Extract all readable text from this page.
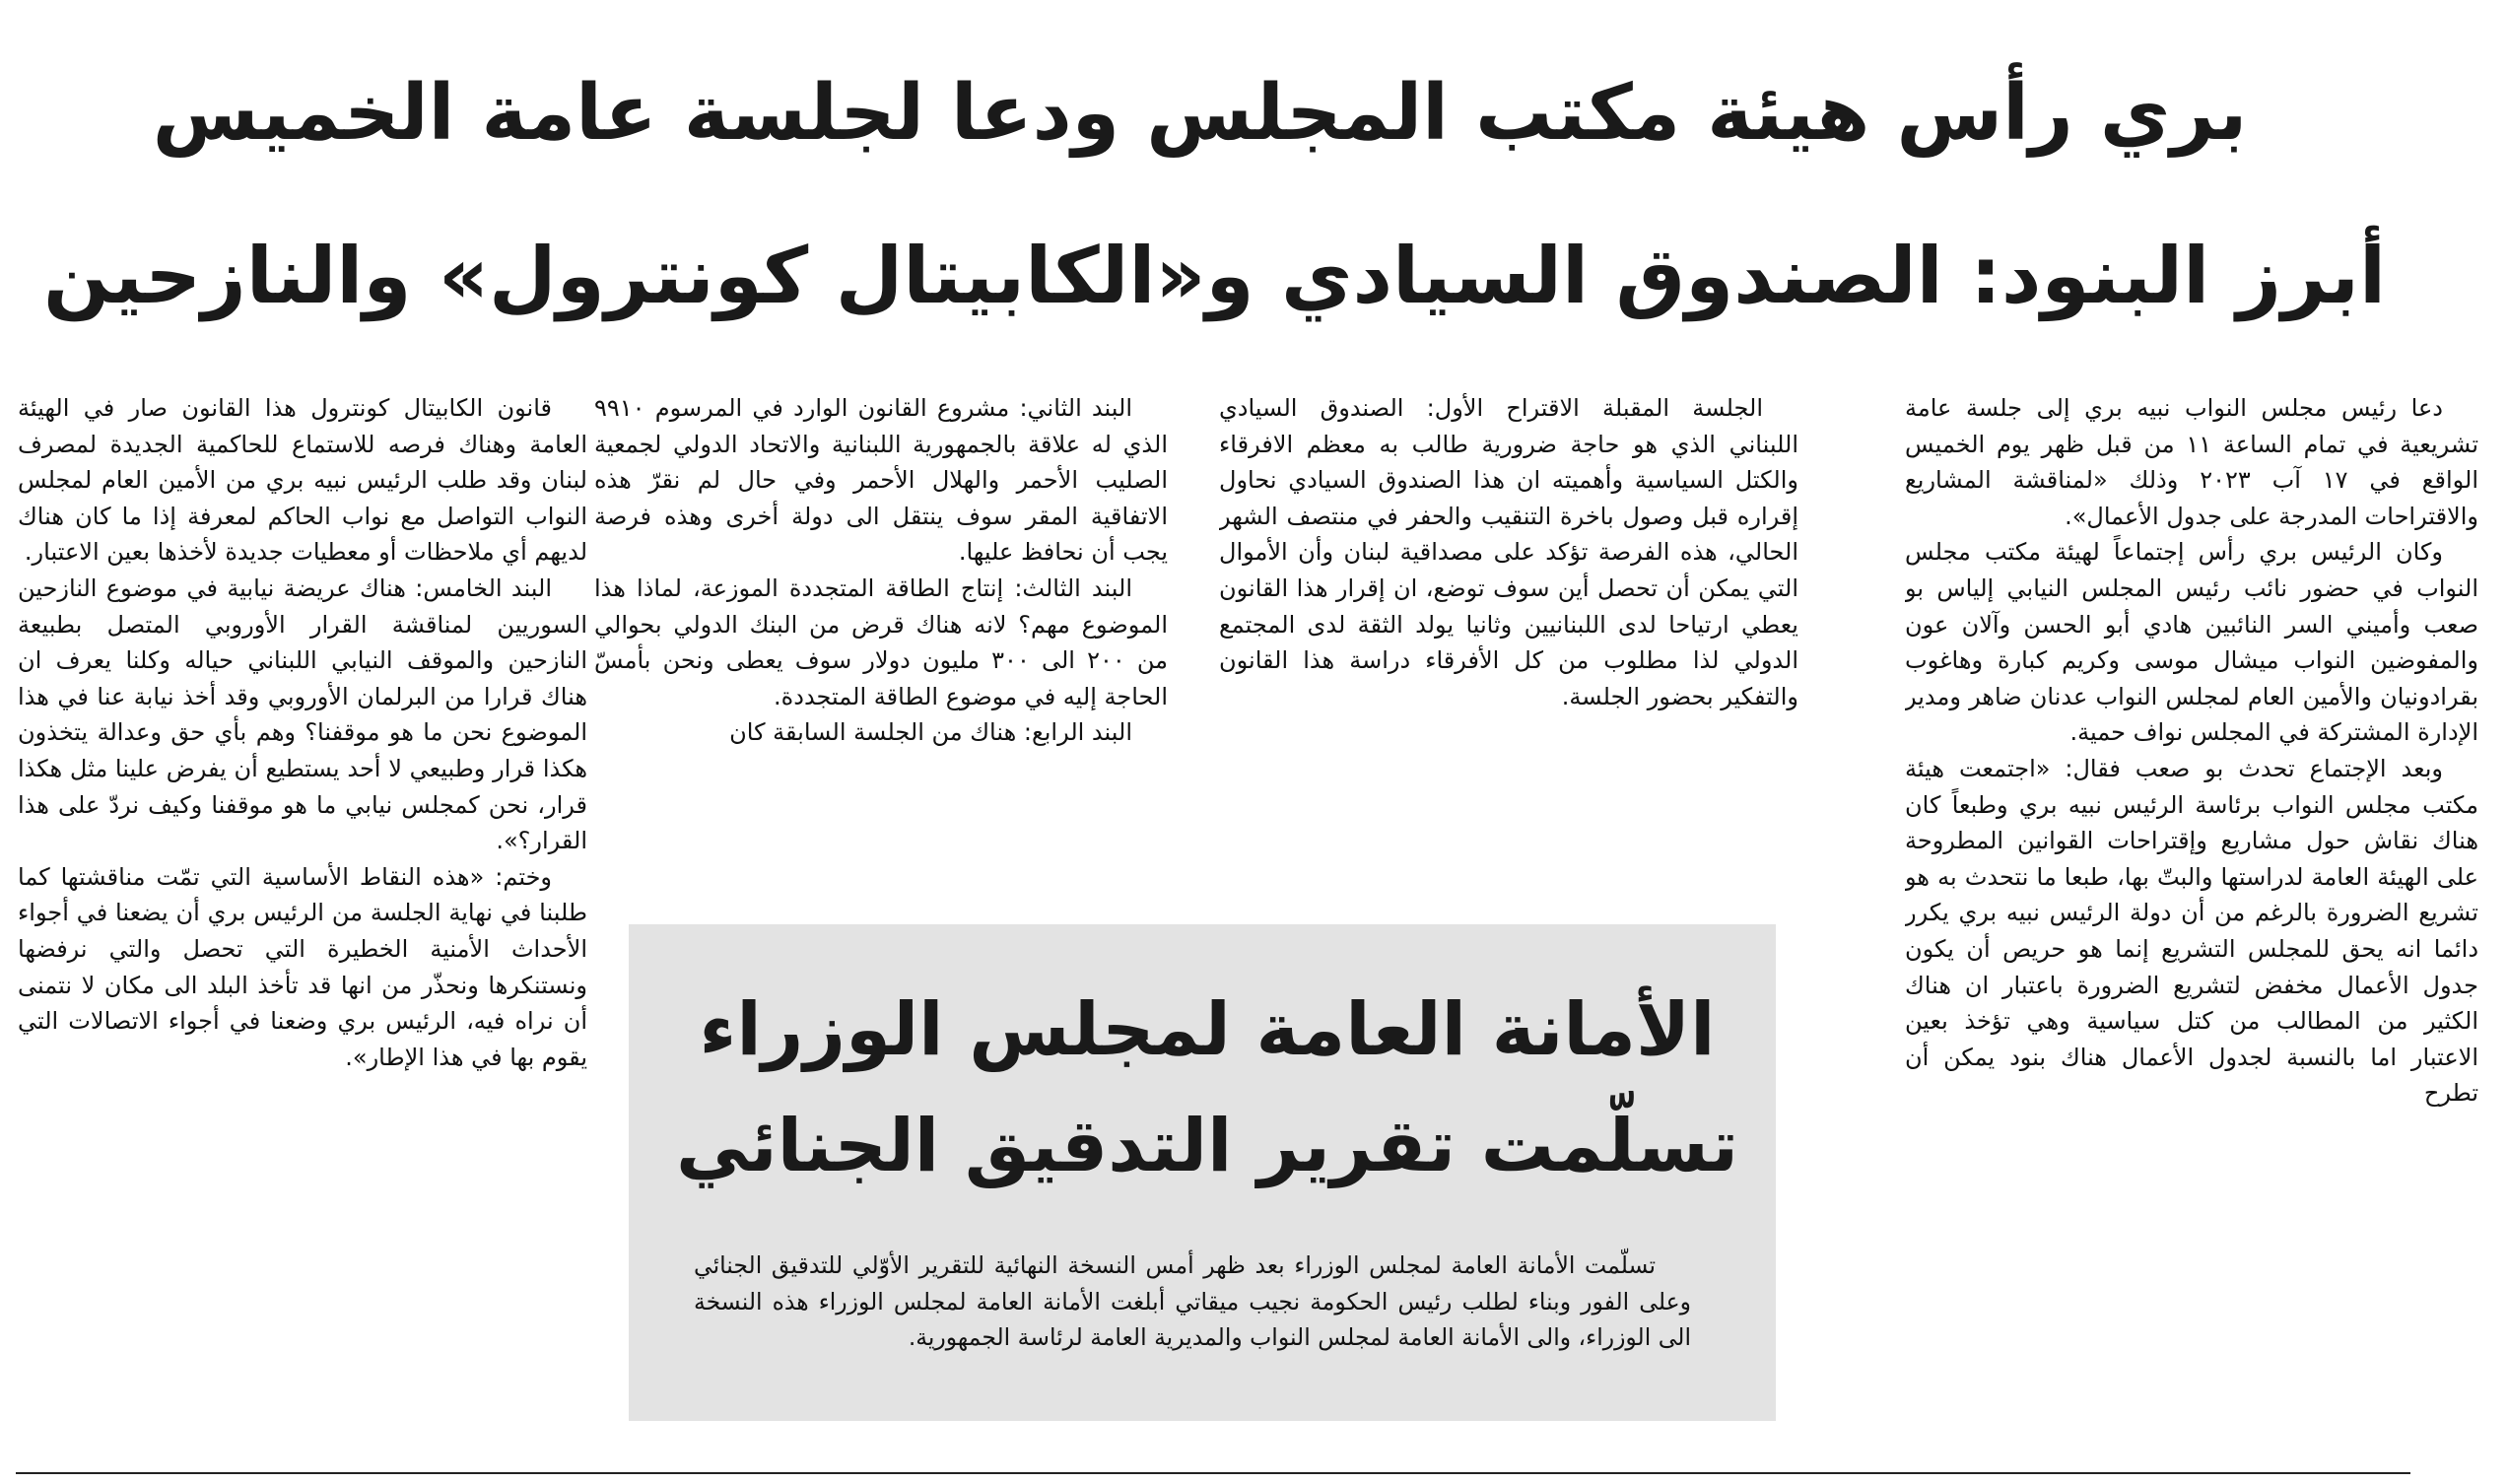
بري رأس هيئة مكتب المجلس ودعا لجلسة عامة الخميس
أبرز البنود: الصندوق السيادي و«الكابيتال كونترول» والنازحين

دعا رئيس مجلس النواب نبيه بري إلى جلسة عامة تشريعية في تمام الساعة ١١ من قبل ظهر يوم الخميس الواقع في ١٧ آب ٢٠٢٣ وذلك «لمناقشة المشاريع والاقتراحات المدرجة على جدول الأعمال».

وكان الرئيس بري رأس إجتماعاً لهيئة مكتب مجلس النواب في حضور نائب رئيس المجلس النيابي إلياس بو صعب وأميني السر النائبين هادي أبو الحسن وآلان عون والمفوضين النواب ميشال موسى وكريم كبارة وهاغوب بقرادونيان والأمين العام لمجلس النواب عدنان ضاهر ومدير الإدارة المشتركة في المجلس نواف حمية.

وبعد الإجتماع تحدث بو صعب فقال: «اجتمعت هيئة مكتب مجلس النواب برئاسة الرئيس نبيه بري وطبعاً كان هناك نقاش حول مشاريع وإقتراحات القوانين المطروحة على الهيئة العامة لدراستها والبتّ بها، طبعا ما نتحدث به هو تشريع الضرورة بالرغم من أن دولة الرئيس نبيه بري يكرر دائما انه يحق للمجلس التشريع إنما هو حريص أن يكون جدول الأعمال مخفض لتشريع الضرورة باعتبار ان هناك الكثير من المطالب من كتل سياسية وهي تؤخذ بعين الاعتبار اما بالنسبة لجدول الأعمال هناك بنود يمكن أن تطرح

الجلسة المقبلة الاقتراح الأول: الصندوق السيادي اللبناني الذي هو حاجة ضرورية طالب به معظم الافرقاء والكتل السياسية وأهميته ان هذا الصندوق السيادي نحاول إقراره قبل وصول باخرة التنقيب والحفر في منتصف الشهر الحالي، هذه الفرصة تؤكد على مصداقية لبنان وأن الأموال التي يمكن أن تحصل أين سوف توضع، ان إقرار هذا القانون يعطي ارتياحا لدى اللبنانيين وثانيا يولد الثقة لدى المجتمع الدولي لذا مطلوب من كل الأفرقاء دراسة هذا القانون والتفكير بحضور الجلسة.

البند الثاني: مشروع القانون الوارد في المرسوم ٩٩١٠ الذي له علاقة بالجمهورية اللبنانية والاتحاد الدولي لجمعية الصليب الأحمر والهلال الأحمر وفي حال لم نقرّ هذه الاتفاقية المقر سوف ينتقل الى دولة أخرى وهذه فرصة يجب أن نحافظ عليها.

البند الثالث: إنتاج الطاقة المتجددة الموزعة، لماذا هذا الموضوع مهم؟ لانه هناك قرض من البنك الدولي بحوالي من ٢٠٠ الى ٣٠٠ مليون دولار سوف يعطى ونحن بأمسّ الحاجة إليه في موضوع الطاقة المتجددة.

البند الرابع: هناك من الجلسة السابقة كان

قانون الكابيتال كونترول هذا القانون صار في الهيئة العامة وهناك فرصه للاستماع للحاكمية الجديدة لمصرف لبنان وقد طلب الرئيس نبيه بري من الأمين العام لمجلس النواب التواصل مع نواب الحاكم لمعرفة إذا ما كان هناك لديهم أي ملاحظات أو معطيات جديدة لأخذها بعين الاعتبار.

البند الخامس: هناك عريضة نيابية في موضوع النازحين السوريين لمناقشة القرار الأوروبي المتصل بطبيعة النازحين والموقف النيابي اللبناني حياله وكلنا يعرف ان هناك قرارا من البرلمان الأوروبي وقد أخذ نيابة عنا في هذا الموضوع نحن ما هو موقفنا؟ وهم بأي حق وعدالة يتخذون هكذا قرار وطبيعي لا أحد يستطيع أن يفرض علينا مثل هكذا قرار، نحن كمجلس نيابي ما هو موقفنا وكيف نردّ على هذا القرار؟».

وختم: «هذه النقاط الأساسية التي تمّت مناقشتها كما طلبنا في نهاية الجلسة من الرئيس بري أن يضعنا في أجواء الأحداث الأمنية الخطيرة التي تحصل والتي نرفضها ونستنكرها ونحذّر من انها قد تأخذ البلد الى مكان لا نتمنى أن نراه فيه، الرئيس بري وضعنا في أجواء الاتصالات التي يقوم بها في هذا الإطار».	الأمانة العامة لمجلس الوزراء
تسلّمت تقرير التدقيق الجنائي

تسلّمت الأمانة العامة لمجلس الوزراء بعد ظهر أمس النسخة النهائية للتقرير الأوّلي للتدقيق الجنائي وعلى الفور وبناء لطلب رئيس الحكومة نجيب ميقاتي أبلغت الأمانة العامة لمجلس الوزراء هذه النسخة الى الوزراء، والى الأمانة العامة لمجلس النواب والمديرية العامة لرئاسة الجمهورية.
